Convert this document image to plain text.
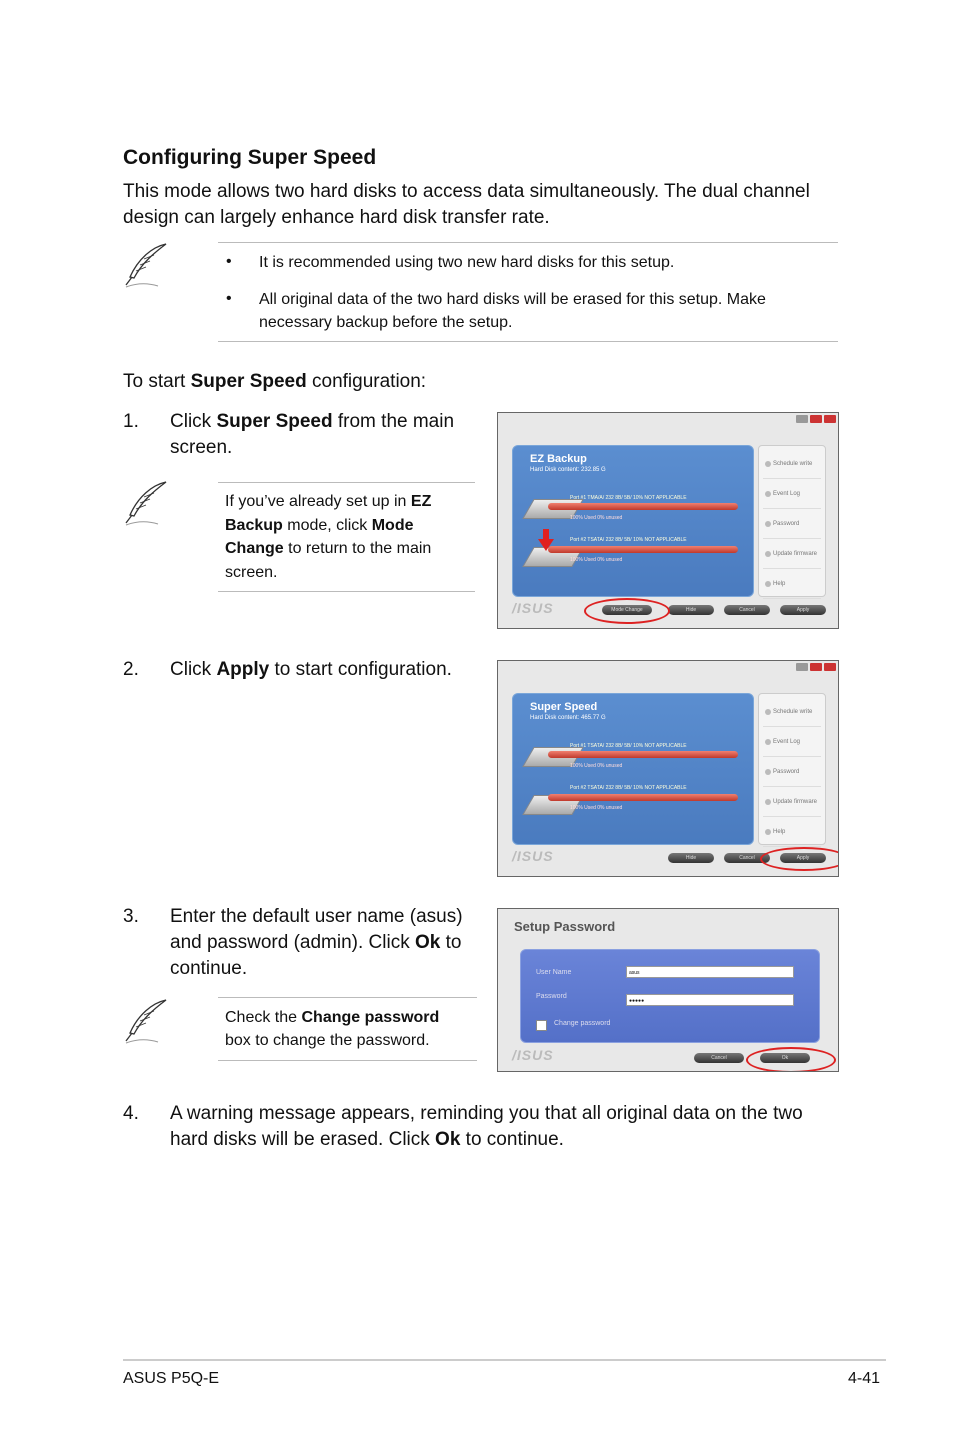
Configuring Super Speed
This mode allows two hard disks to access data simultaneously. The dual channel
design can largely enhance hard disk transfer rate.
• It is recommended using two new hard disks for this setup.
• All original data of the two hard disks will be erased for this setup. Make
necessary backup before the setup.
To start Super Speed configuration:
1. Click Super Speed from the main
screen.
If you’ve already set up in EZ
Backup mode, click Mode
Change to return to the main
screen.
EZ Backup
Hard Disk content: 232.85 G
Port #1 TMA/A/ 232 8B/ 5B/ 10% NOT APPLICABLE
100% Used 0% unused
Port #2 TSATA/ 232 8B/ 5B/ 10% NOT APPLICABLE
100% Used 0% unused
Schedule write
Event Log
Password
Update firmware
Help
/ISUS	Mode Change	Hide	Cancel	Apply
2. Click Apply to start configuration.
Super Speed
Hard Disk content: 465.77 G
Port #1 TSATA/ 232 8B/ 5B/ 10% NOT APPLICABLE
100% Used 0% unused
Port #2 TSATA/ 232 8B/ 5B/ 10% NOT APPLICABLE
100% Used 0% unused
Schedule write
Event Log
Password
Update firmware
Help
/ISUS	Hide	Cancel	Apply
3. Enter the default user name (asus)
and password (admin). Click Ok to
continue.
Check the Change password
box to change the password.
Setup Password
User Name	asus
Password
●●●●●
Change password
/ISUS	Cancel	Ok
4. A warning message appears, reminding you that all original data on the two
hard disks will be erased. Click Ok to continue.
ASUS P5Q-E	4-41
